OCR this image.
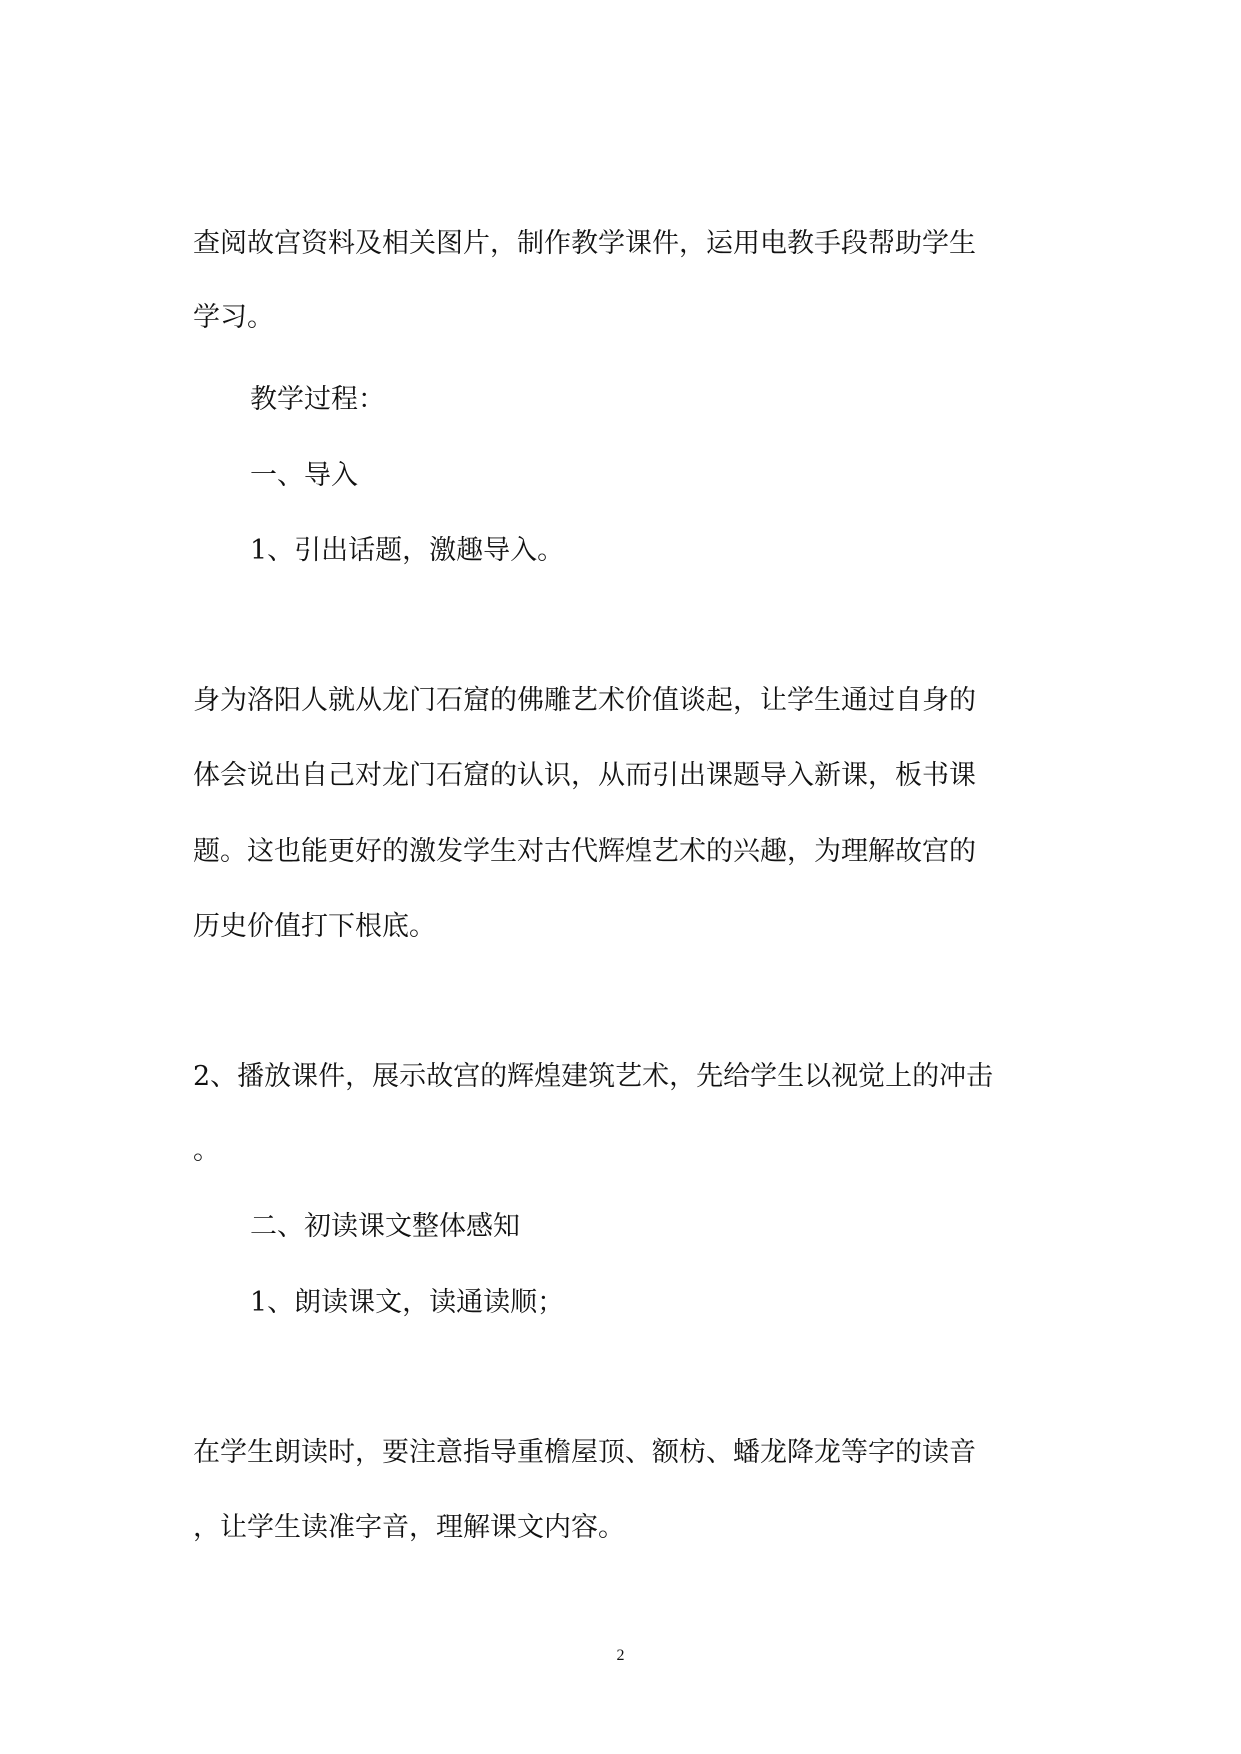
查阅故宫资料及相关图片，制作教学课件，运用电教手段帮助学生
学习。
教学过程：
一、导入
1、引出话题，激趣导入。
身为洛阳人就从龙门石窟的佛雕艺术价值谈起，让学生通过自身的
体会说出自己对龙门石窟的认识，从而引出课题导入新课，板书课
题。这也能更好的激发学生对古代辉煌艺术的兴趣，为理解故宫的
历史价值打下根底。
2、播放课件，展示故宫的辉煌建筑艺术，先给学生以视觉上的冲击
。
二、初读课文整体感知
1、朗读课文，读通读顺；
在学生朗读时，要注意指导重檐屋顶、额枋、蟠龙降龙等字的读音
，让学生读准字音，理解课文内容。
2
